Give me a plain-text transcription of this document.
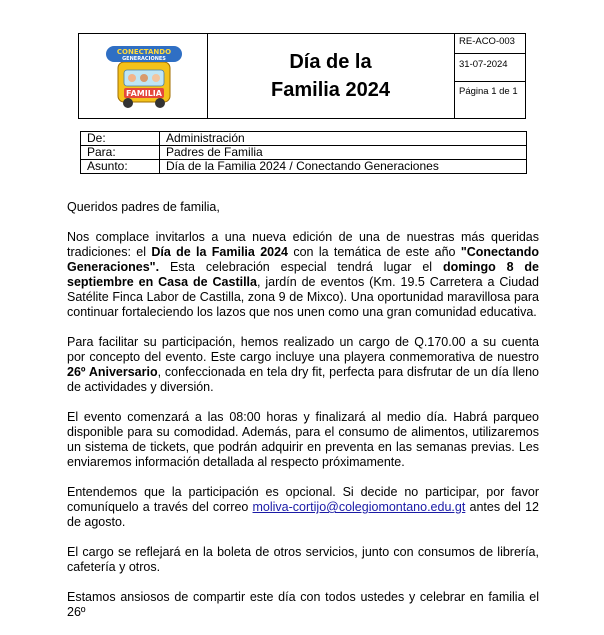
CONECTANDO
GENERACIONES
FAMILIA
Día de la
Familia 2024
RE-ACO-003
31-07-2024
Página 1 de 1
De:	Administración
Para:	Padres de Familia
Asunto:	Día de la Familia 2024 / Conectando Generaciones

Queridos padres de familia,

Nos complace invitarlos a una nueva edición de una de nuestras más queridas tradiciones: el Día de la Familia 2024 con la temática de este año "Conectando Generaciones". Esta celebración especial tendrá lugar el domingo 8 de septiembre en Casa de Castilla, jardín de eventos (Km. 19.5 Carretera a Ciudad Satélite Finca Labor de Castilla, zona 9 de Mixco). Una oportunidad maravillosa para continuar fortaleciendo los lazos que nos unen como una gran comunidad educativa.

Para facilitar su participación, hemos realizado un cargo de Q.170.00 a su cuenta por concepto del evento. Este cargo incluye una playera conmemorativa de nuestro 26º Aniversario, confeccionada en tela dry fit, perfecta para disfrutar de un día lleno de actividades y diversión.

El evento comenzará a las 08:00 horas y finalizará al medio día. Habrá parqueo disponible para su comodidad. Además, para el consumo de alimentos, utilizaremos un sistema de tickets, que podrán adquirir en preventa en las semanas previas. Les enviaremos información detallada al respecto próximamente.

Entendemos que la participación es opcional. Si decide no participar, por favor comuníquelo a través del correo moliva-cortijo@colegiomontano.edu.gt antes del 12 de agosto.

El cargo se reflejará en la boleta de otros servicios, junto con consumos de librería, cafetería y otros.

Estamos ansiosos de compartir este día con todos ustedes y celebrar en familia el 26º
